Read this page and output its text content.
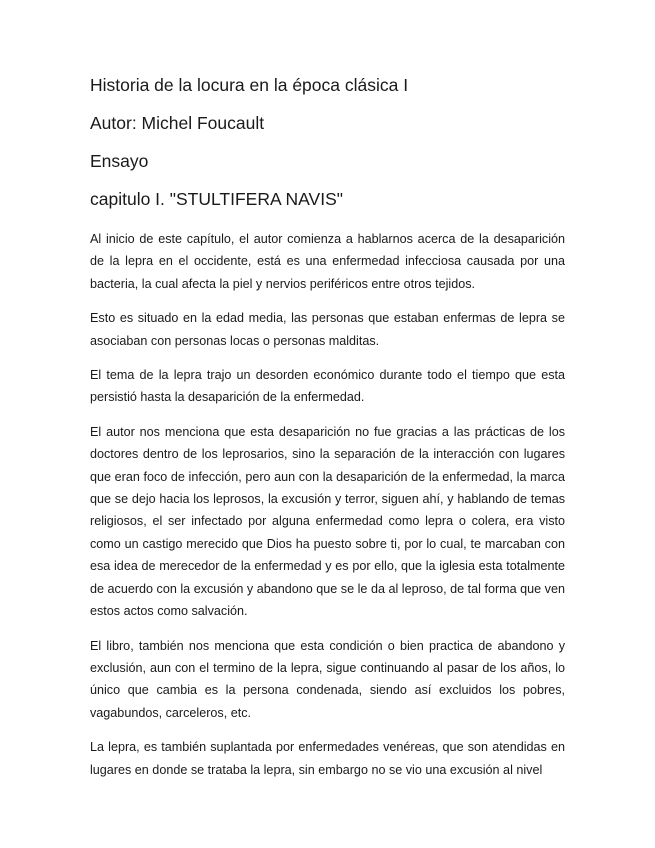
Historia de la locura en la época clásica I
Autor: Michel Foucault
Ensayo
capitulo I. "STULTIFERA NAVIS"

Al inicio de este capítulo, el autor comienza a hablarnos acerca de la desaparición de la lepra en el occidente, está es una enfermedad infecciosa causada por una bacteria, la cual afecta la piel y nervios periféricos entre otros tejidos.

Esto es situado en la edad media, las personas que estaban enfermas de lepra se asociaban con personas locas o personas malditas.

El tema de la lepra trajo un desorden económico durante todo el tiempo que esta persistió hasta la desaparición de la enfermedad.

El autor nos menciona que esta desaparición no fue gracias a las prácticas de los doctores dentro de los leprosarios, sino la separación de la interacción con lugares que eran foco de infección, pero aun con la desaparición de la enfermedad, la marca que se dejo hacia los leprosos, la excusión y terror, siguen ahí, y hablando de temas religiosos, el ser infectado por alguna enfermedad como lepra o colera, era visto como un castigo merecido que Dios ha puesto sobre ti, por lo cual, te marcaban con esa idea de merecedor de la enfermedad y es por ello, que la iglesia esta totalmente de acuerdo con la excusión y abandono que se le da al leproso, de tal forma que ven estos actos como salvación.

El libro, también nos menciona que esta condición o bien practica de abandono y exclusión, aun con el termino de la lepra, sigue continuando al pasar de los años, lo único que cambia es la persona condenada, siendo así excluidos los pobres, vagabundos, carceleros, etc.

La lepra, es también suplantada por enfermedades venéreas, que son atendidas en lugares en donde se trataba la lepra, sin embargo no se vio una excusión al nivel
